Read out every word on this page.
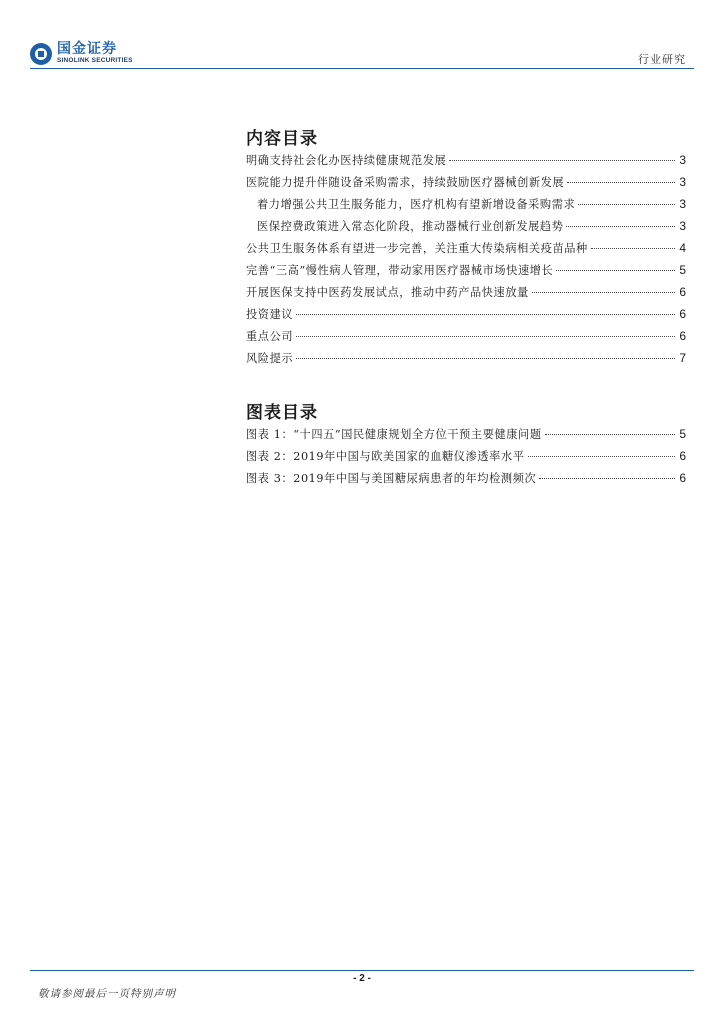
国金证券
SINOLINK SECURITIES	行业研究
内容目录
明确支持社会化办医持续健康规范发展	3
医院能力提升伴随设备采购需求，持续鼓励医疗器械创新发展	3
着力增强公共卫生服务能力，医疗机构有望新增设备采购需求	3
医保控费政策进入常态化阶段，推动器械行业创新发展趋势	3
公共卫生服务体系有望进一步完善，关注重大传染病相关疫苗品种	4
完善“三高”慢性病人管理，带动家用医疗器械市场快速增长	5
开展医保支持中医药发展试点，推动中药产品快速放量	6
投资建议	6
重点公司	6
风险提示	7
图表目录
图表 1：“十四五”国民健康规划全方位干预主要健康问题	5
图表 2：2019年中国与欧美国家的血糖仪渗透率水平	6
图表 3：2019年中国与美国糖尿病患者的年均检测频次	6
- 2 -
敬请参阅最后一页特别声明
